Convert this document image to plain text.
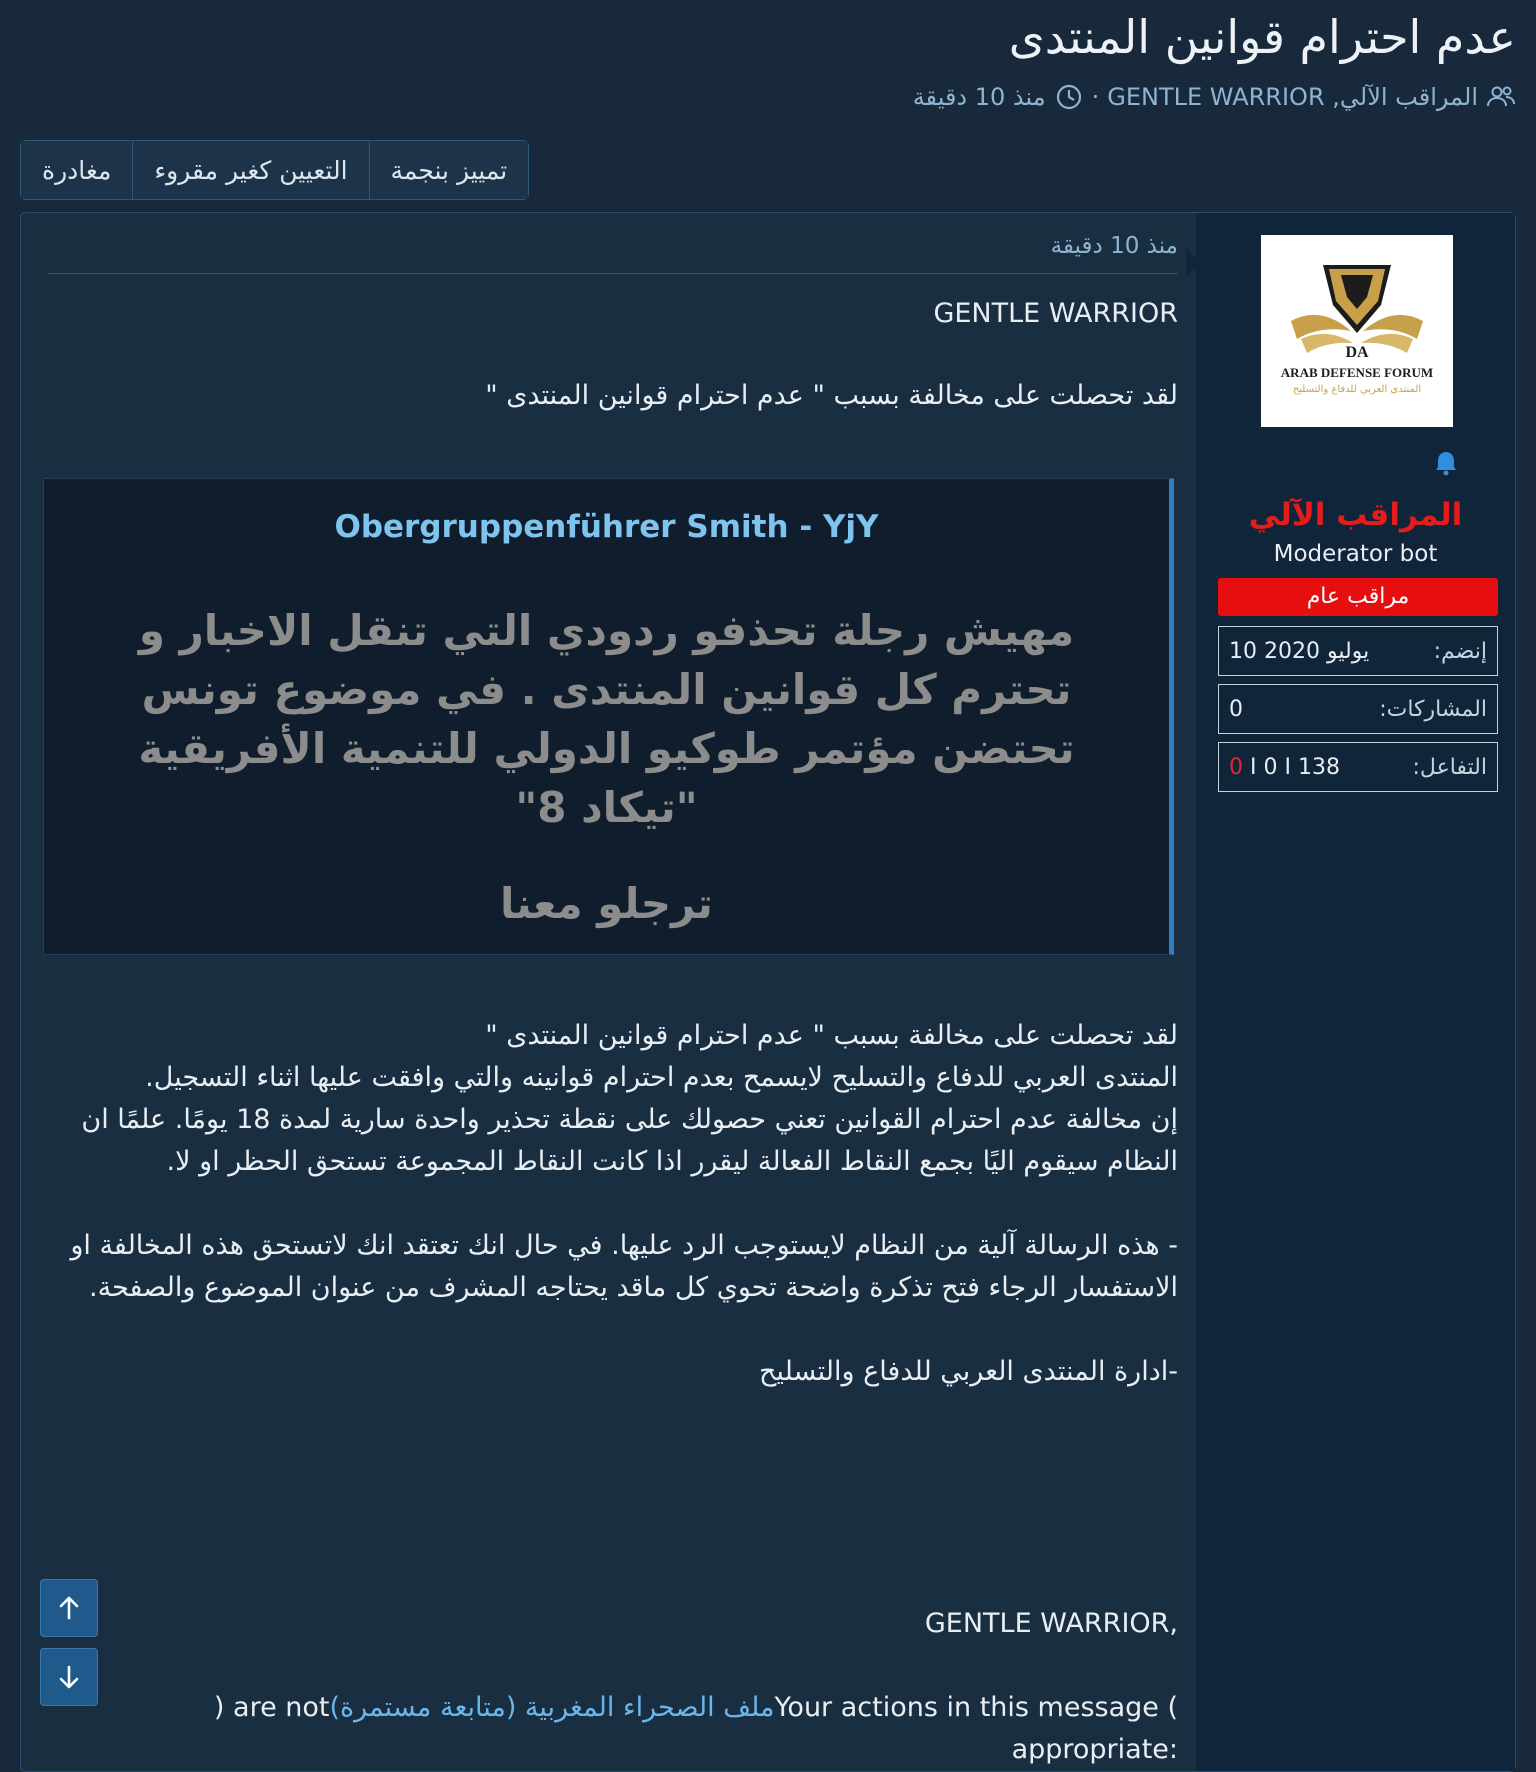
عدم احترام قوانين المنتدى
المراقب الآلي, GENTLE WARRIOR
·
منذ 10 دقيقة
تمييز بنجمة
التعيين كغير مقروء
مغادرة
DA
ARAB DEFENSE FORUM
المنتدى العربي للدفاع والتسليح
المراقب الآلي
Moderator bot
مراقب عام
إنضم:
10 يوليو 2020
المشاركات:
0
التفاعل:
0 I 0 I 138
منذ 10 دقيقة
GENTLE WARRIOR
لقد تحصلت على مخالفة بسبب " عدم احترام قوانين المنتدى "
Obergruppenführer Smith - YjY
مهيش رجلة تحذفو ردودي التي تنقل الاخبار و تحترم كل قوانين المنتدى . في موضوع تونس تحتضن مؤتمر طوكيو الدولي للتنمية الأفريقية "تيكاد 8"
ترجلو معنا
لقد تحصلت على مخالفة بسبب " عدم احترام قوانين المنتدى "
المنتدى العربي للدفاع والتسليح لايسمح بعدم احترام قوانينه والتي وافقت عليها اثناء التسجيل.
إن مخالفة عدم احترام القوانين تعني حصولك على نقطة تحذير واحدة سارية لمدة 18 يومًا. علمًا ان النظام سيقوم اليًا بجمع النقاط الفعالة ليقرر اذا كانت النقاط المجموعة تستحق الحظر او لا.
- هذه الرسالة آلية من النظام لايستوجب الرد عليها. في حال انك تعتقد انك لاتستحق هذه المخالفة او الاستفسار الرجاء فتح تذكرة واضحة تحوي كل ماقد يحتاجه المشرف من عنوان الموضوع والصفحة.
-ادارة المنتدى العربي للدفاع والتسليح
GENTLE WARRIOR,
) are notملف الصحراء المغربية (متابعة مستمرة)Your actions in this message (
appropriate:
